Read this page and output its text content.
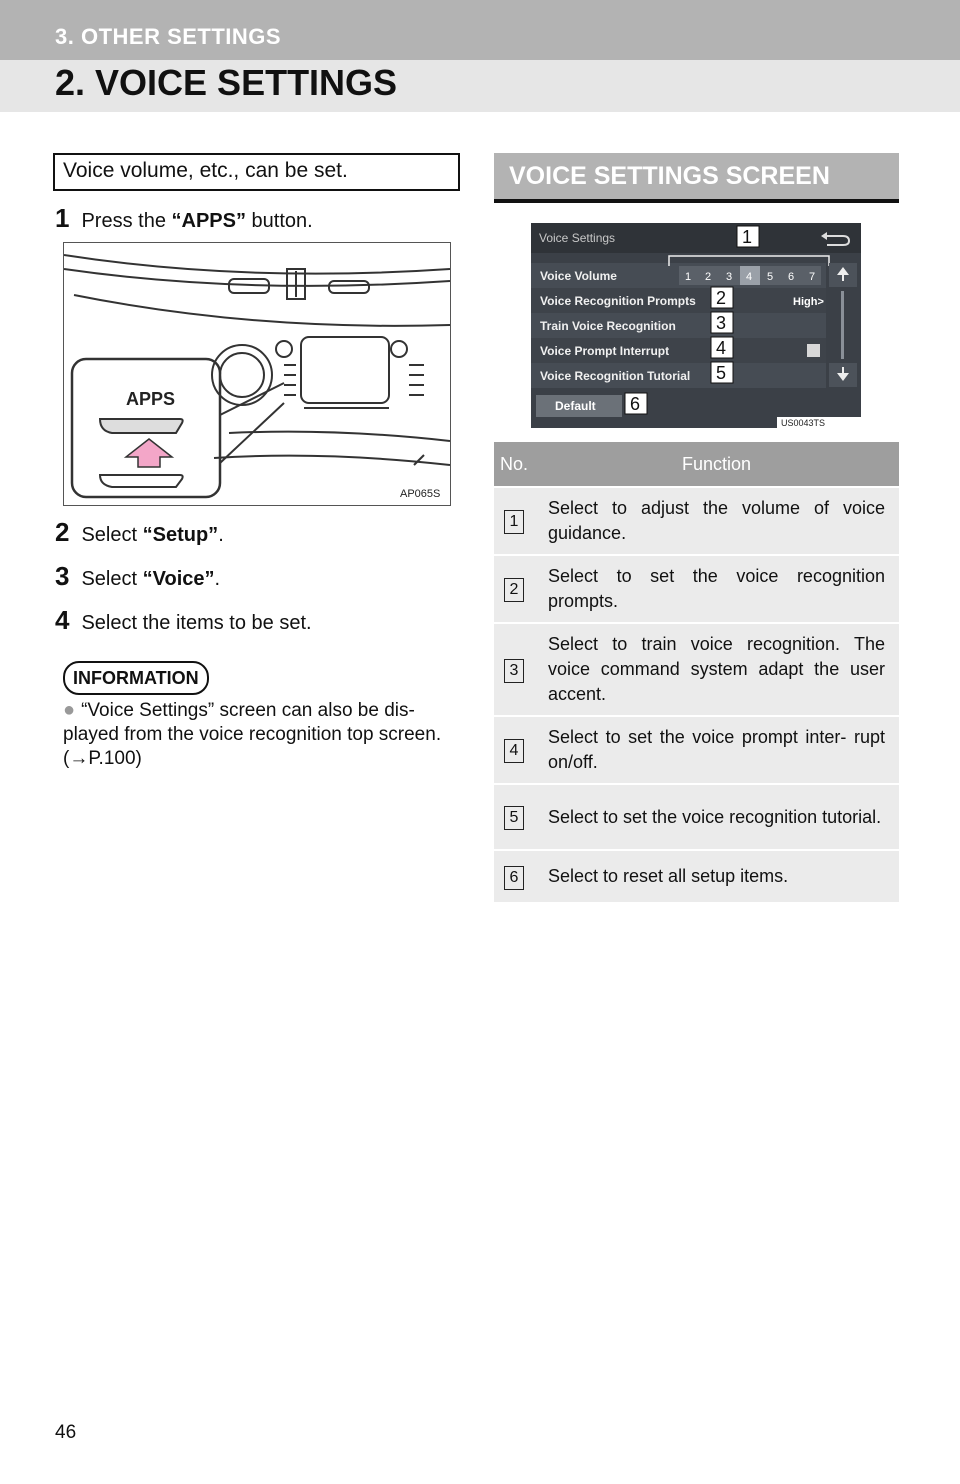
3. OTHER SETTINGS
2. VOICE SETTINGS
Voice volume, etc., can be set.
1 Press the “APPS” button.
APPS
AP065S
2 Select “Setup”.
3 Select “Voice”.
4 Select the items to be set.
INFORMATION
● “Voice Settings” screen can also be dis- played from the voice recognition top screen. (→P.100)
VOICE SETTINGS SCREEN
Voice Settings
Voice Volume
Voice Recognition Prompts
Train Voice Recognition
Voice Prompt Interrupt
Voice Recognition Tutorial
1 2 3 4 5 6 7
High>
Default
1
2
3
4
5
6
US0043TS
No.	Function
1	Select to adjust the volume of voice guidance.
2	Select to set the voice recognition prompts.
3	Select to train voice recognition. The voice command system adapt the user accent.
4	Select to set the voice prompt inter- rupt on/off.
5	Select to set the voice recognition tutorial.
6	Select to reset all setup items.
46
